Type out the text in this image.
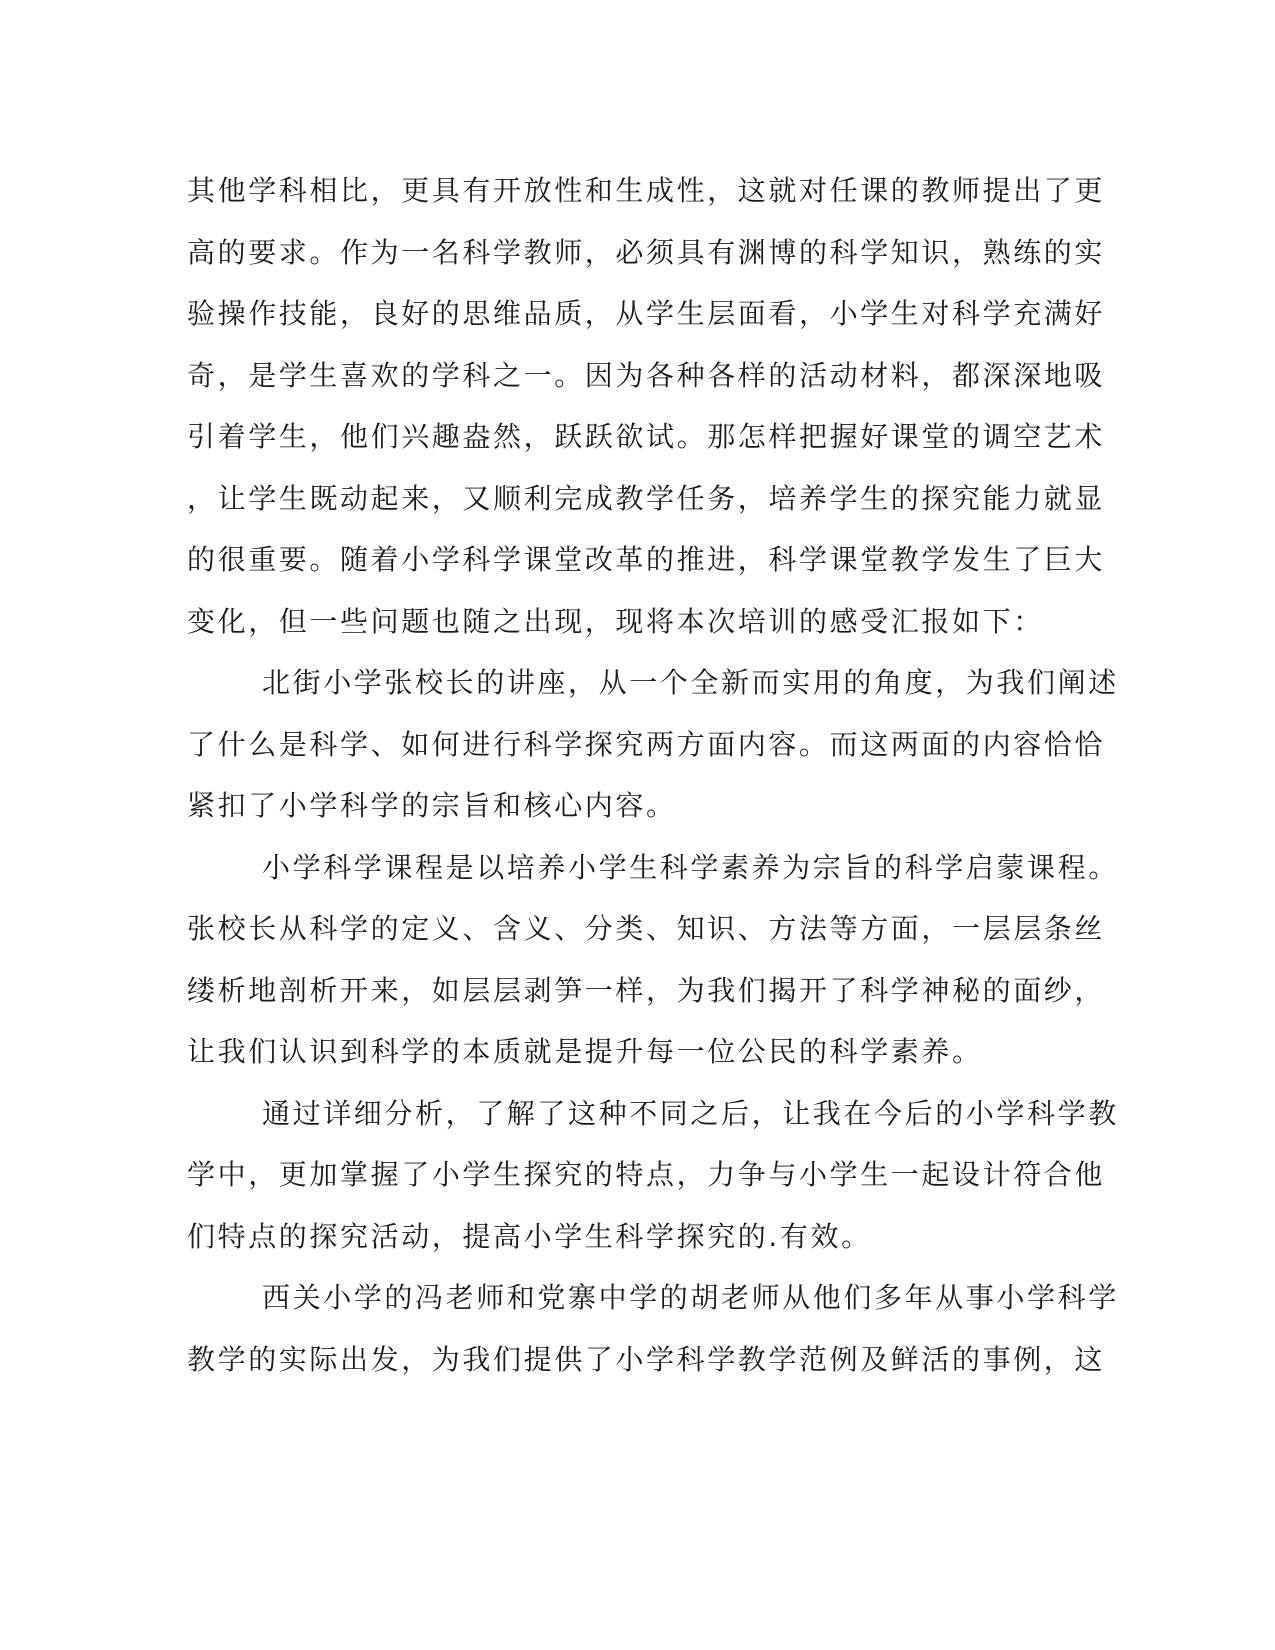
其他学科相比，更具有开放性和生成性，这就对任课的教师提出了更
高的要求。作为一名科学教师，必须具有渊博的科学知识，熟练的实
验操作技能，良好的思维品质，从学生层面看，小学生对科学充满好
奇，是学生喜欢的学科之一。因为各种各样的活动材料，都深深地吸
引着学生，他们兴趣盎然，跃跃欲试。那怎样把握好课堂的调空艺术
，让学生既动起来，又顺利完成教学任务，培养学生的探究能力就显
的很重要。随着小学科学课堂改革的推进，科学课堂教学发生了巨大
变化，但一些问题也随之出现，现将本次培训的感受汇报如下：
北街小学张校长的讲座，从一个全新而实用的角度，为我们阐述
了什么是科学、如何进行科学探究两方面内容。而这两面的内容恰恰
紧扣了小学科学的宗旨和核心内容。
小学科学课程是以培养小学生科学素养为宗旨的科学启蒙课程。
张校长从科学的定义、含义、分类、知识、方法等方面，一层层条丝
缕析地剖析开来，如层层剥笋一样，为我们揭开了科学神秘的面纱，
让我们认识到科学的本质就是提升每一位公民的科学素养。
通过详细分析，了解了这种不同之后，让我在今后的小学科学教
学中，更加掌握了小学生探究的特点，力争与小学生一起设计符合他
们特点的探究活动，提高小学生科学探究的.有效。
西关小学的冯老师和党寨中学的胡老师从他们多年从事小学科学
教学的实际出发，为我们提供了小学科学教学范例及鲜活的事例，这
